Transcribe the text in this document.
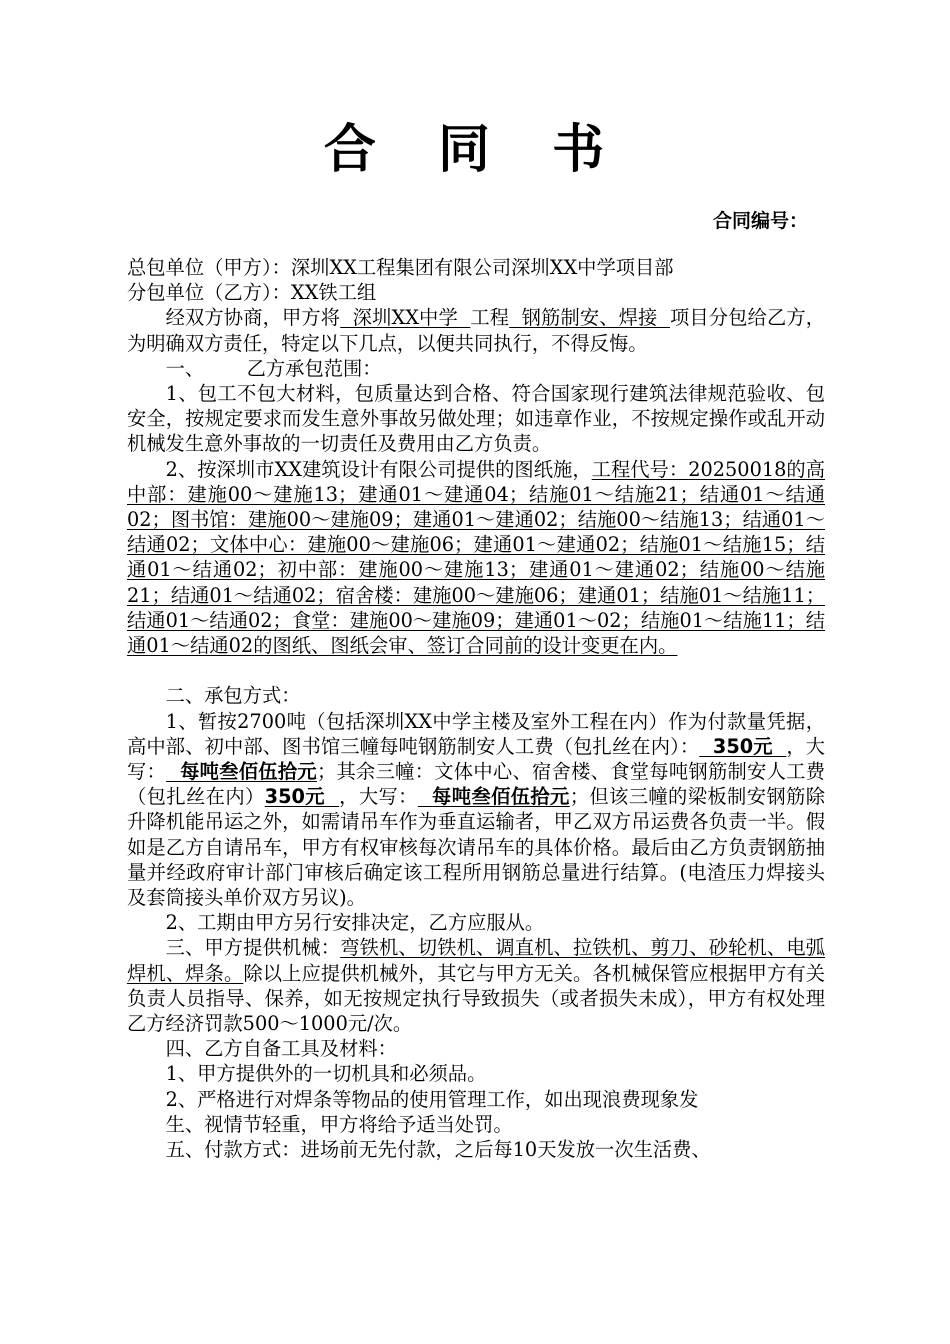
合 同 书
合同编号：

总包单位（甲方）：深圳XX工程集团有限公司深圳XX中学项目部

分包单位（乙方）：XX铁工组

经双方协商，甲方将  深圳XX中学  工程  钢筋制安、焊接  项目分包给乙方，为明确双方责任，特定以下几点，以便共同执行，不得反悔。

一、 乙方承包范围：

1、包工不包大材料，包质量达到合格、符合国家现行建筑法律规范验收、包安全，按规定要求而发生意外事故另做处理；如违章作业，不按规定操作或乱开动机械发生意外事故的一切责任及费用由乙方负责。

2、按深圳市XX建筑设计有限公司提供的图纸施，工程代号：20250018的高中部：建施00～建施13；建通01～建通04；结施01～结施21；结通01～结通02；图书馆：建施00～建施09；建通01～建通02；结施00～结施13；结通01～结通02；文体中心：建施00～建施06；建通01～建通02；结施01～结施15；结通01～结通02；初中部：建施00～建施13；建通01～建通02；结施00～结施21；结通01～结通02；宿舍楼：建施00～建施06；建通01；结施01～结施11；结通01～结通02；食堂：建施00～建施09；建通01～02；结施01～结施11；结通01～结通02的图纸、图纸会审、签订合同前的设计变更在内。

二、承包方式：

1、暂按2700吨（包括深圳XX中学主楼及室外工程在内）作为付款量凭据，高中部、初中部、图书馆三幢每吨钢筋制安人工费（包扎丝在内）：  350元  ，大写：  每吨叁佰伍拾元；其余三幢：文体中心、宿舍楼、食堂每吨钢筋制安人工费（包扎丝在内）350元  ，大写：  每吨叁佰伍拾元；但该三幢的梁板制安钢筋除升降机能吊运之外，如需请吊车作为垂直运输者，甲乙双方吊运费各负责一半。假如是乙方自请吊车，甲方有权审核每次请吊车的具体价格。最后由乙方负责钢筋抽量并经政府审计部门审核后确定该工程所用钢筋总量进行结算。(电渣压力焊接头及套筒接头单价双方另议)。

2、工期由甲方另行安排决定，乙方应服从。

三、甲方提供机械：弯铁机、切铁机、调直机、拉铁机、剪刀、砂轮机、电弧焊机、焊条。除以上应提供机械外，其它与甲方无关。各机械保管应根据甲方有关负责人员指导、保养，如无按规定执行导致损失（或者损失未成），甲方有权处理乙方经济罚款500～1000元/次。

四、乙方自备工具及材料：

1、甲方提供外的一切机具和必须品。

2、严格进行对焊条等物品的使用管理工作，如出现浪费现象发

生、视情节轻重，甲方将给予适当处罚。

五、付款方式：进场前无先付款，之后每10天发放一次生活费、
